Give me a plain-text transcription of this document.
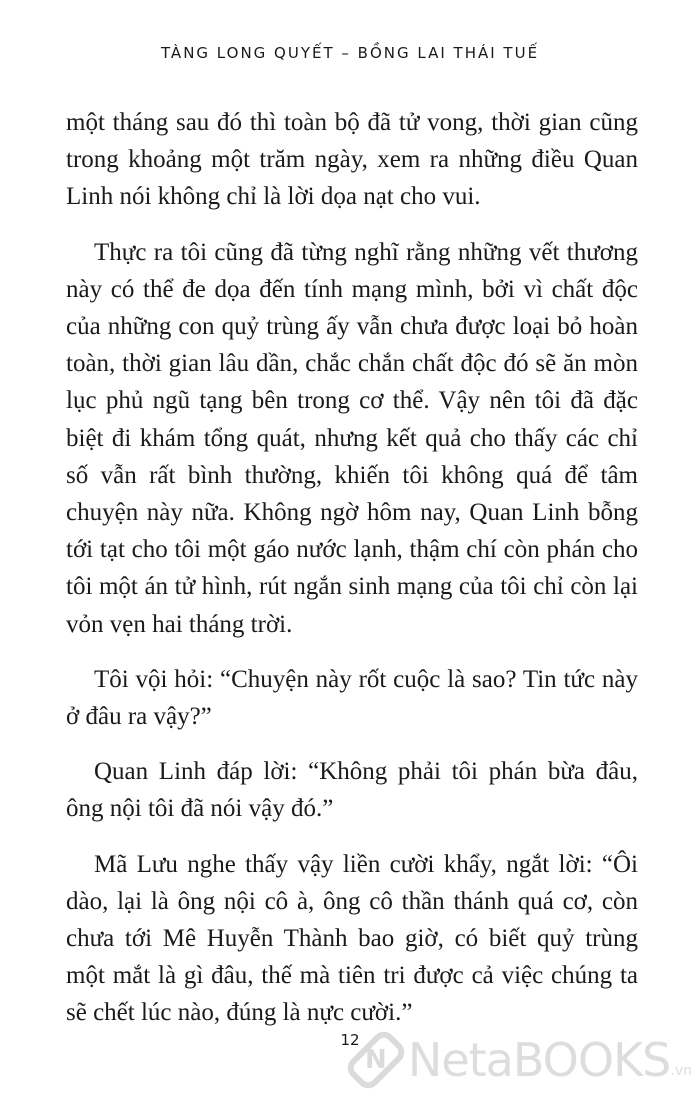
TÀNG LONG QUYẾT – BỒNG LAI THÁI TUẾ

một tháng sau đó thì toàn bộ đã tử vong, thời gian cũng trong khoảng một trăm ngày, xem ra những điều Quan Linh nói không chỉ là lời dọa nạt cho vui.

Thực ra tôi cũng đã từng nghĩ rằng những vết thương này có thể đe dọa đến tính mạng mình, bởi vì chất độc của những con quỷ trùng ấy vẫn chưa được loại bỏ hoàn toàn, thời gian lâu dần, chắc chắn chất độc đó sẽ ăn mòn lục phủ ngũ tạng bên trong cơ thể. Vậy nên tôi đã đặc biệt đi khám tổng quát, nhưng kết quả cho thấy các chỉ số vẫn rất bình thường, khiến tôi không quá để tâm chuyện này nữa. Không ngờ hôm nay, Quan Linh bỗng tới tạt cho tôi một gáo nước lạnh, thậm chí còn phán cho tôi một án tử hình, rút ngắn sinh mạng của tôi chỉ còn lại vỏn vẹn hai tháng trời.

Tôi vội hỏi: “Chuyện này rốt cuộc là sao? Tin tức này ở đâu ra vậy?”

Quan Linh đáp lời: “Không phải tôi phán bừa đâu, ông nội tôi đã nói vậy đó.”

Mã Lưu nghe thấy vậy liền cười khẩy, ngắt lời: “Ôi dào, lại là ông nội cô à, ông cô thần thánh quá cơ, còn chưa tới Mê Huyễn Thành bao giờ, có biết quỷ trùng một mắt là gì đâu, thế mà tiên tri được cả việc chúng ta sẽ chết lúc nào, đúng là nực cười.”

12
N NetaBOOKS .vn
